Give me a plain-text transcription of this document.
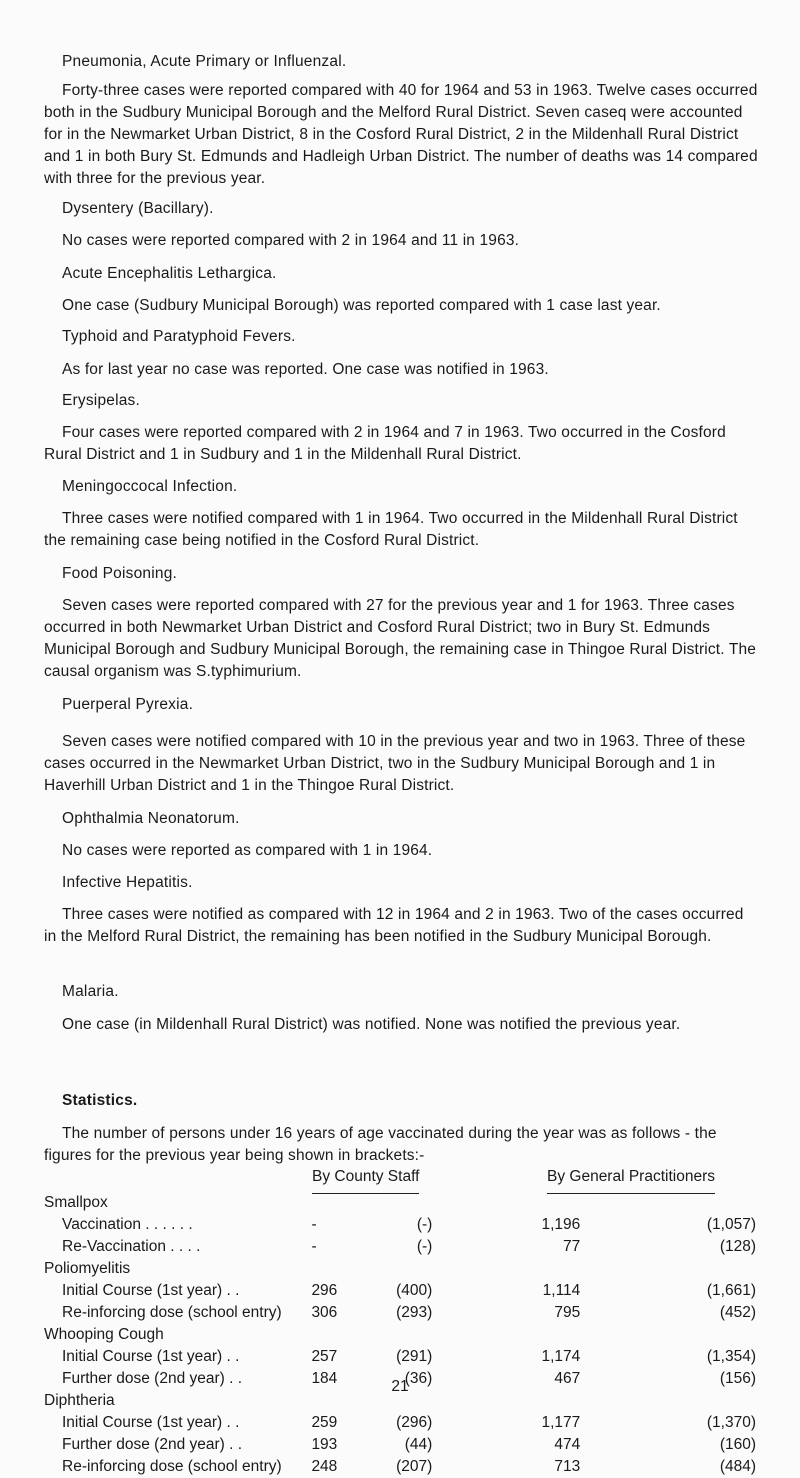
Pneumonia, Acute Primary or Influenzal.

Forty-three cases were reported compared with 40 for 1964 and 53 in 1963. Twelve cases occurred both in the Sudbury Municipal Borough and the Melford Rural District. Seven caseq were accounted for in the Newmarket Urban District, 8 in the Cosford Rural District, 2 in the Mildenhall Rural District and 1 in both Bury St. Edmunds and Hadleigh Urban District. The number of deaths was 14 compared with three for the previous year.

Dysentery (Bacillary).

No cases were reported compared with 2 in 1964 and 11 in 1963.

Acute Encephalitis Lethargica.

One case (Sudbury Municipal Borough) was reported compared with 1 case last year.

Typhoid and Paratyphoid Fevers.

As for last year no case was reported. One case was notified in 1963.

Erysipelas.

Four cases were reported compared with 2 in 1964 and 7 in 1963. Two occurred in the Cosford Rural District and 1 in Sudbury and 1 in the Mildenhall Rural District.

Meningoccocal Infection.

Three cases were notified compared with 1 in 1964. Two occurred in the Mildenhall Rural District the remaining case being notified in the Cosford Rural District.

Food Poisoning.

Seven cases were reported compared with 27 for the previous year and 1 for 1963. Three cases occurred in both Newmarket Urban District and Cosford Rural District; two in Bury St. Edmunds Municipal Borough and Sudbury Municipal Borough, the remaining case in Thingoe Rural District. The causal organism was S.typhimurium.

Puerperal Pyrexia.

Seven cases were notified compared with 10 in the previous year and two in 1963. Three of these cases occurred in the Newmarket Urban District, two in the Sudbury Municipal Borough and 1 in Haverhill Urban District and 1 in the Thingoe Rural District.

Ophthalmia Neonatorum.

No cases were reported as compared with 1 in 1964.

Infective Hepatitis.

Three cases were notified as compared with 12 in 1964 and 2 in 1963. Two of the cases occurred in the Melford Rural District, the remaining has been notified in the Sudbury Municipal Borough.

Malaria.

One case (in Mildenhall Rural District) was notified. None was notified the previous year.

Statistics.

The number of persons under 16 years of age vaccinated during the year was as follows - the figures for the previous year being shown in brackets:-

By County Staff	By General Practitioners
Smallpox				
Vaccination . . . . . .	-	(-)	1,196	(1,057)
Re-Vaccination . . . .	-	(-)	77	(128)
Poliomyelitis				
Initial Course (1st year) . .	296	(400)	1,114	(1,661)
Re-inforcing dose (school entry)	306	(293)	795	(452)
Whooping Cough				
Initial Course (1st year) . .	257	(291)	1,174	(1,354)
Further dose (2nd year) . .	184	(36)	467	(156)
Diphtheria				
Initial Course (1st year) . .	259	(296)	1,177	(1,370)
Further dose (2nd year) . .	193	(44)	474	(160)
Re-inforcing dose (school entry)	248	(207)	713	(484)
21
